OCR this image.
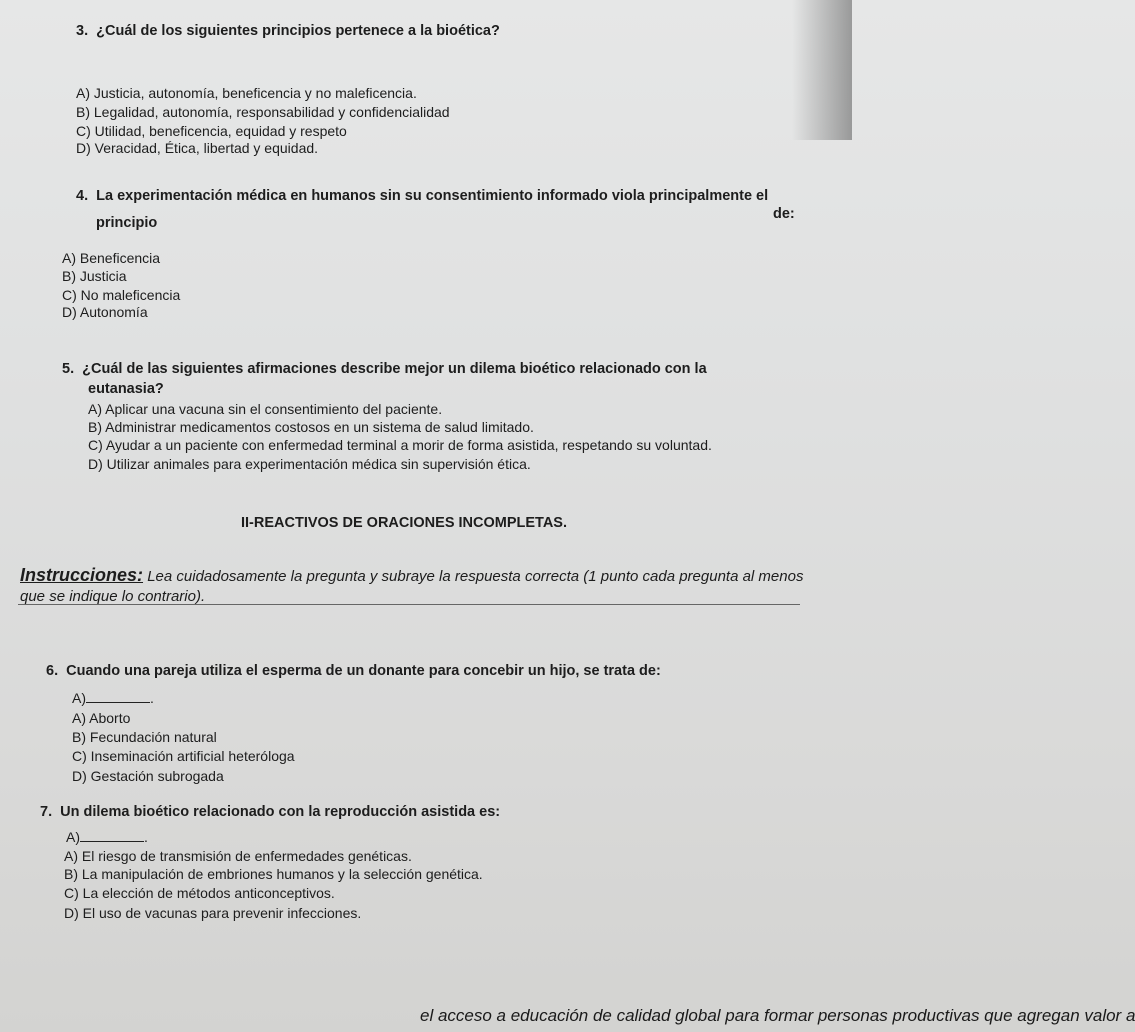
3. ¿Cuál de los siguientes principios pertenece a la bioética?

A) Justicia, autonomía, beneficencia y no maleficencia.

B) Legalidad, autonomía, responsabilidad y confidencialidad

C) Utilidad, beneficencia, equidad y respeto

D) Veracidad, Ética, libertad y equidad.

4. La experimentación médica en humanos sin su consentimiento informado viola principalmente el

principio

de:

A) Beneficencia

B) Justicia

C) No maleficencia

D) Autonomía

5. ¿Cuál de las siguientes afirmaciones describe mejor un dilema bioético relacionado con la

eutanasia?

A) Aplicar una vacuna sin el consentimiento del paciente.

B) Administrar medicamentos costosos en un sistema de salud limitado.

C) Ayudar a un paciente con enfermedad terminal a morir de forma asistida, respetando su voluntad.

D) Utilizar animales para experimentación médica sin supervisión ética.

II-REACTIVOS DE ORACIONES INCOMPLETAS.
Instrucciones: Lea cuidadosamente la pregunta y subraye la respuesta correcta (1 punto cada pregunta al menos que se indique lo contrario).

6. Cuando una pareja utiliza el esperma de un donante para concebir un hijo, se trata de:

A)	.

A) Aborto

B) Fecundación natural

C) Inseminación artificial heteróloga

D) Gestación subrogada

7. Un dilema bioético relacionado con la reproducción asistida es:

A)	.

A) El riesgo de transmisión de enfermedades genéticas.

B) La manipulación de embriones humanos y la selección genética.

C) La elección de métodos anticonceptivos.

D) El uso de vacunas para prevenir infecciones.

el acceso a educación de calidad global para formar personas productivas que agregan valor a
